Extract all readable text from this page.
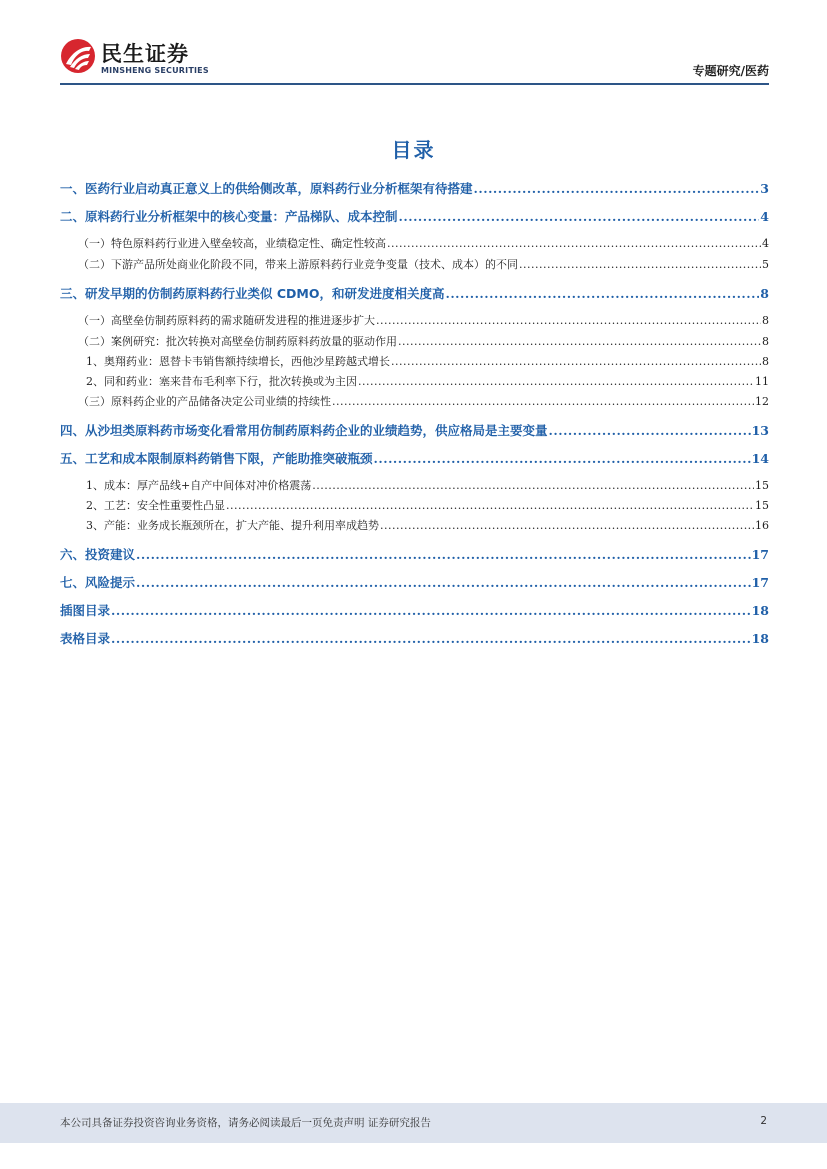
民生证券
MINSHENG SECURITIES	专题研究/医药
目录
一、医药行业启动真正意义上的供给侧改革，原料药行业分析框架有待搭建 .....	3
二、原料药行业分析框架中的核心变量：产品梯队、成本控制 .....	4
（一）特色原料药行业进入壁垒较高，业绩稳定性、确定性较高 .....	4
（二）下游产品所处商业化阶段不同，带来上游原料药行业竞争变量（技术、成本）的不同 .....	5
三、研发早期的仿制药原料药行业类似 CDMO，和研发进度相关度高 .....	8
（一）高壁垒仿制药原料药的需求随研发进程的推进逐步扩大 .....	8
（二）案例研究：批次转换对高壁垒仿制药原料药放量的驱动作用 .....	8
1、奥翔药业：恩替卡韦销售额持续增长，西他沙星跨越式增长 .....	8
2、同和药业：塞来昔布毛利率下行，批次转换或为主因 .....	11
（三）原料药企业的产品储备决定公司业绩的持续性 .....	12
四、从沙坦类原料药市场变化看常用仿制药原料药企业的业绩趋势，供应格局是主要变量 .....	13
五、工艺和成本限制原料药销售下限，产能助推突破瓶颈 .....	14
1、成本：厚产品线+自产中间体对冲价格震荡 .....	15
2、工艺：安全性重要性凸显 .....	15
3、产能：业务成长瓶颈所在，扩大产能、提升利用率成趋势 .....	16
六、投资建议 .....	17
七、风险提示 .....	17
插图目录 .....	18
表格目录 .....	18
本公司具备证券投资咨询业务资格，请务必阅读最后一页免责声明 证券研究报告	2
